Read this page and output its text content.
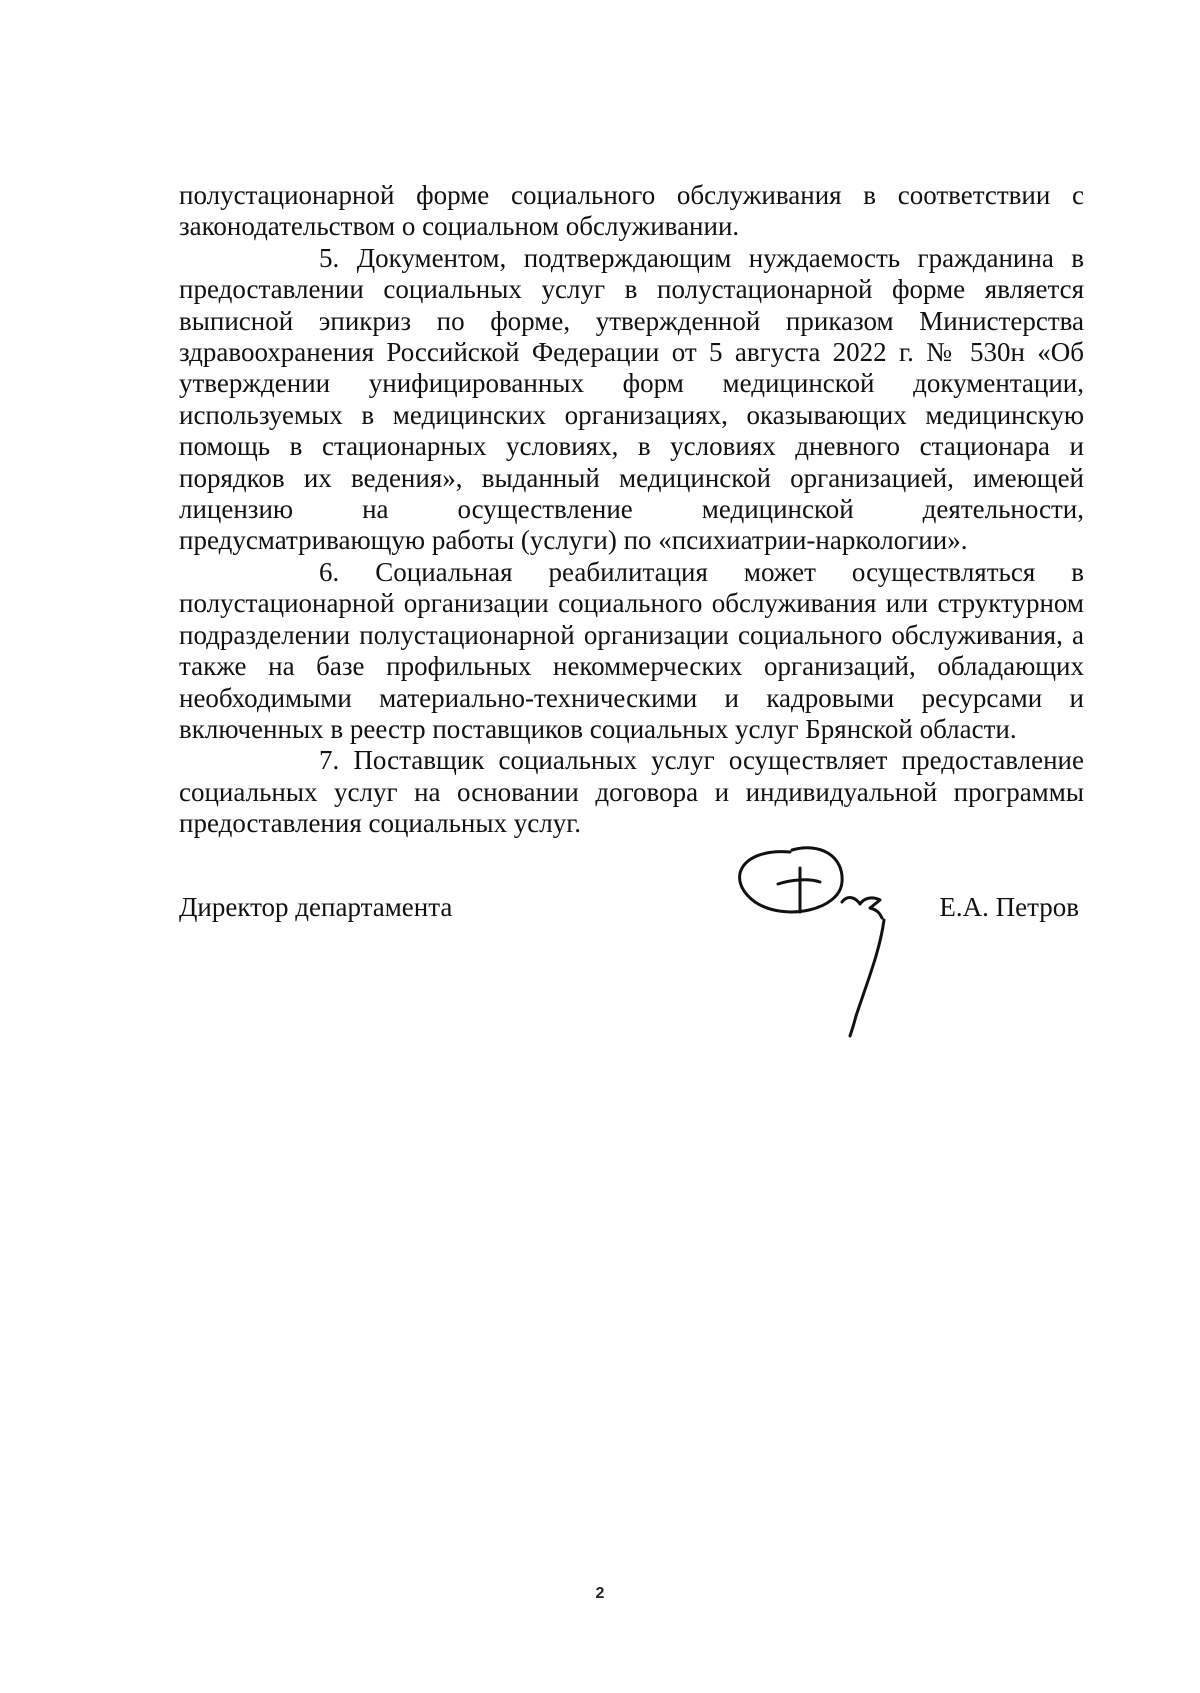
полустационарной форме социального обслуживания в соответствии с законодательством о социальном обслуживании.

5. Документом, подтверждающим нуждаемость гражданина в предоставлении социальных услуг в полустационарной форме является выписной эпикриз по форме, утвержденной приказом Министерства здравоохранения Российской Федерации от 5 августа 2022 г. № 530н «Об утверждении унифицированных форм медицинской документации, используемых в медицинских организациях, оказывающих медицинскую помощь в стационарных условиях, в условиях дневного стационара и порядков их ведения», выданный медицинской организацией, имеющей лицензию на осуществление медицинской деятельности, предусматривающую работы (услуги) по «психиатрии-наркологии».

6. Социальная реабилитация может осуществляться в полустационарной организации социального обслуживания или структурном подразделении полустационарной организации социального обслуживания, а также на базе профильных некоммерческих организаций, обладающих необходимыми материально-техническими и кадровыми ресурсами и включенных в реестр поставщиков социальных услуг Брянской области.

7. Поставщик социальных услуг осуществляет предоставление социальных услуг на основании договора и индивидуальной программы предоставления социальных услуг.

Директор департамента	Е.А. Петров
2
